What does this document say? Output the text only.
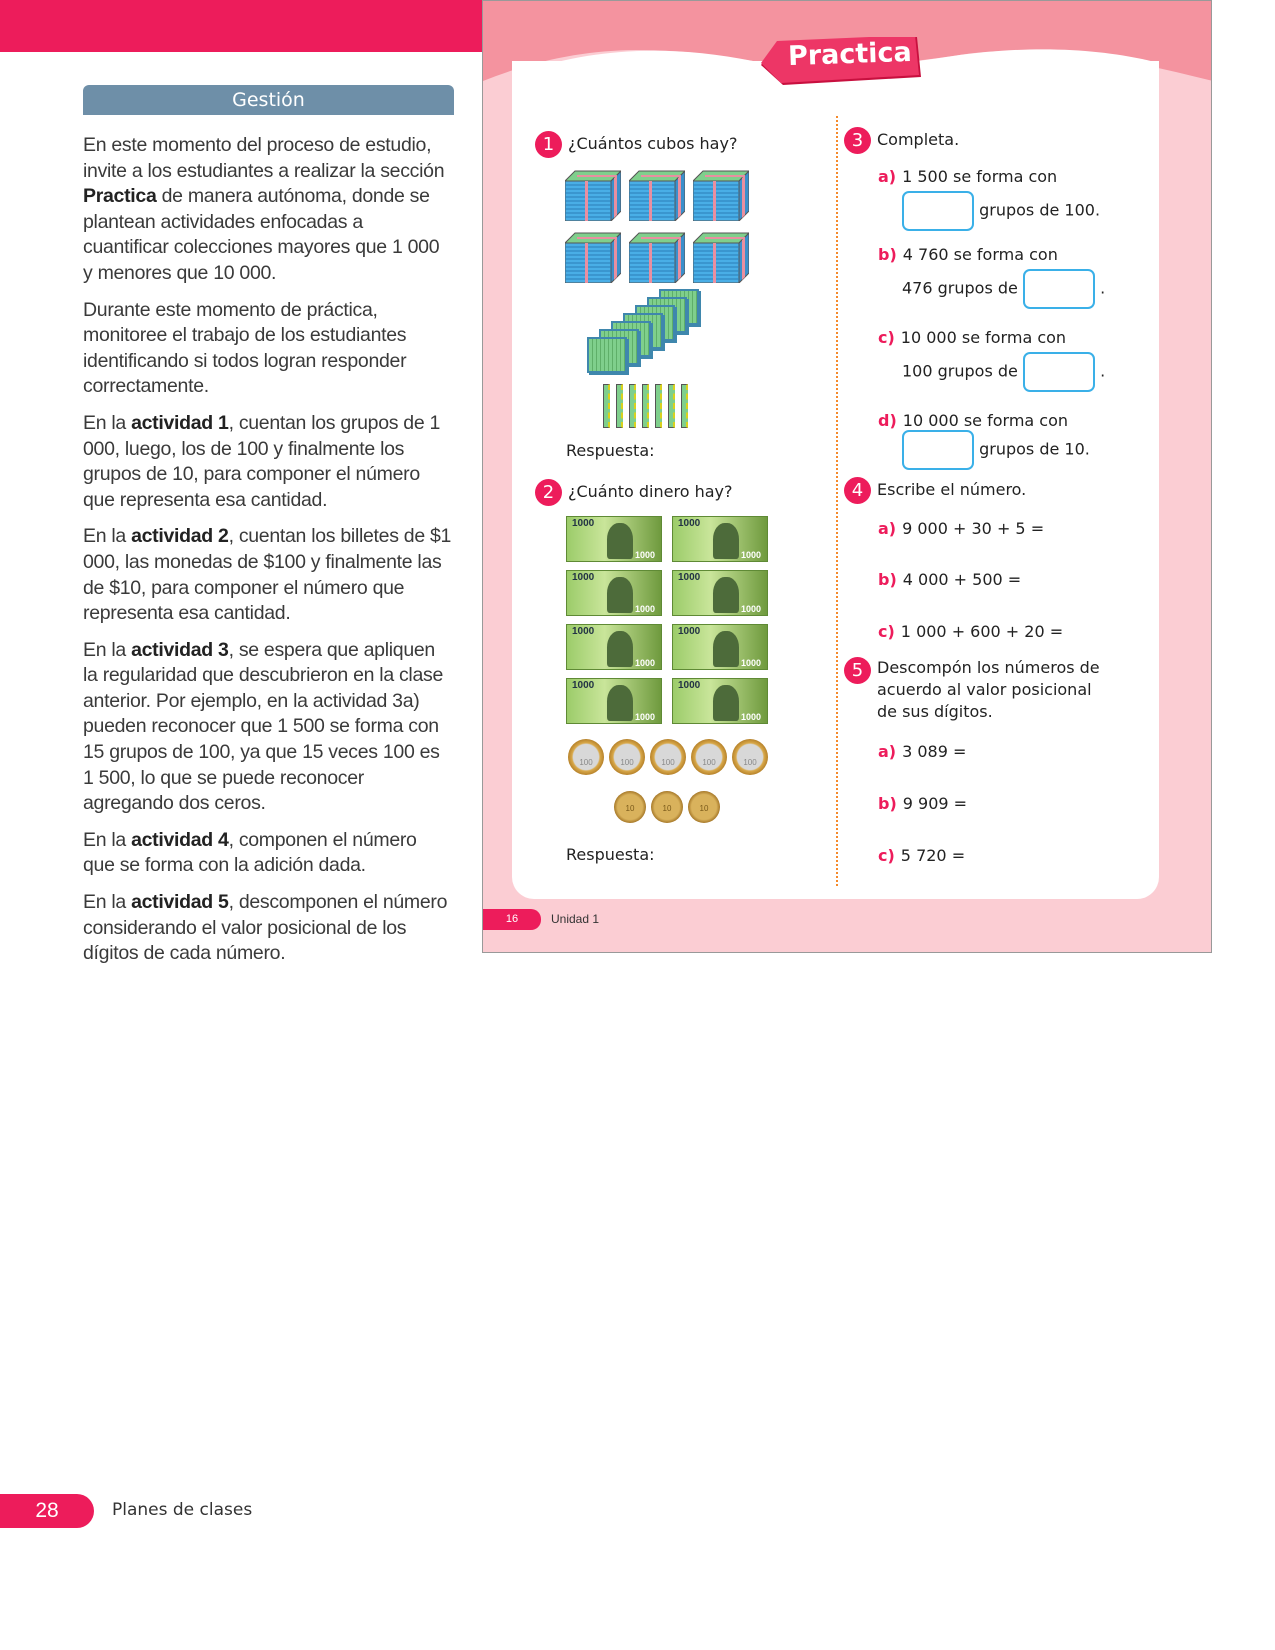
Gestión

En este momento del proceso de estudio, invite a los estudiantes a realizar la sección Practica de manera autónoma, donde se plantean actividades enfocadas a cuantificar colecciones mayores que 1 000 y menores que 10 000.

Durante este momento de práctica, monitoree el trabajo de los estudiantes identificando si todos logran responder correctamente.

En la actividad 1, cuentan los grupos de 1 000, luego, los de 100 y finalmente los grupos de 10, para componer el número que representa esa cantidad.

En la actividad 2, cuentan los billetes de $1 000, las monedas de $100 y finalmente las de $10, para componer el número que representa esa cantidad.

En la actividad 3, se espera que apliquen la regularidad que descubrieron en la clase anterior. Por ejemplo, en la actividad 3a) pueden reconocer que 1 500 se forma con 15 grupos de 100, ya que 15 veces 100 es 1 500, lo que se puede reconocer agregando dos ceros.

En la actividad 4, componen el número que se forma con la adición dada.

En la actividad 5, descomponen el número considerando el valor posicional de los dígitos de cada número.

Practica
1 ¿Cuántos cubos hay?
Respuesta:
2 ¿Cuánto dinero hay?
1000
1000
1000
1000
1000
1000
1000
1000
1000
1000
1000
1000
1000
1000
1000
1000
100	100	100	100	100
10	10	10
Respuesta:
3 Completa.
a) 1 500 se forma con
grupos de 100.
b) 4 760 se forma con
476 grupos de	.
c) 10 000 se forma con
100 grupos de	.
d) 10 000 se forma con
grupos de 10.
4 Escribe el número.
a) 9 000 + 30 + 5 =
b) 4 000 + 500 =
c) 1 000 + 600 + 20 =
5 Descompón los números de acuerdo al valor posicional de sus dígitos.
a) 3 089 =
b) 9 909 =
c) 5 720 =
16	Unidad 1
28	Planes de clases
